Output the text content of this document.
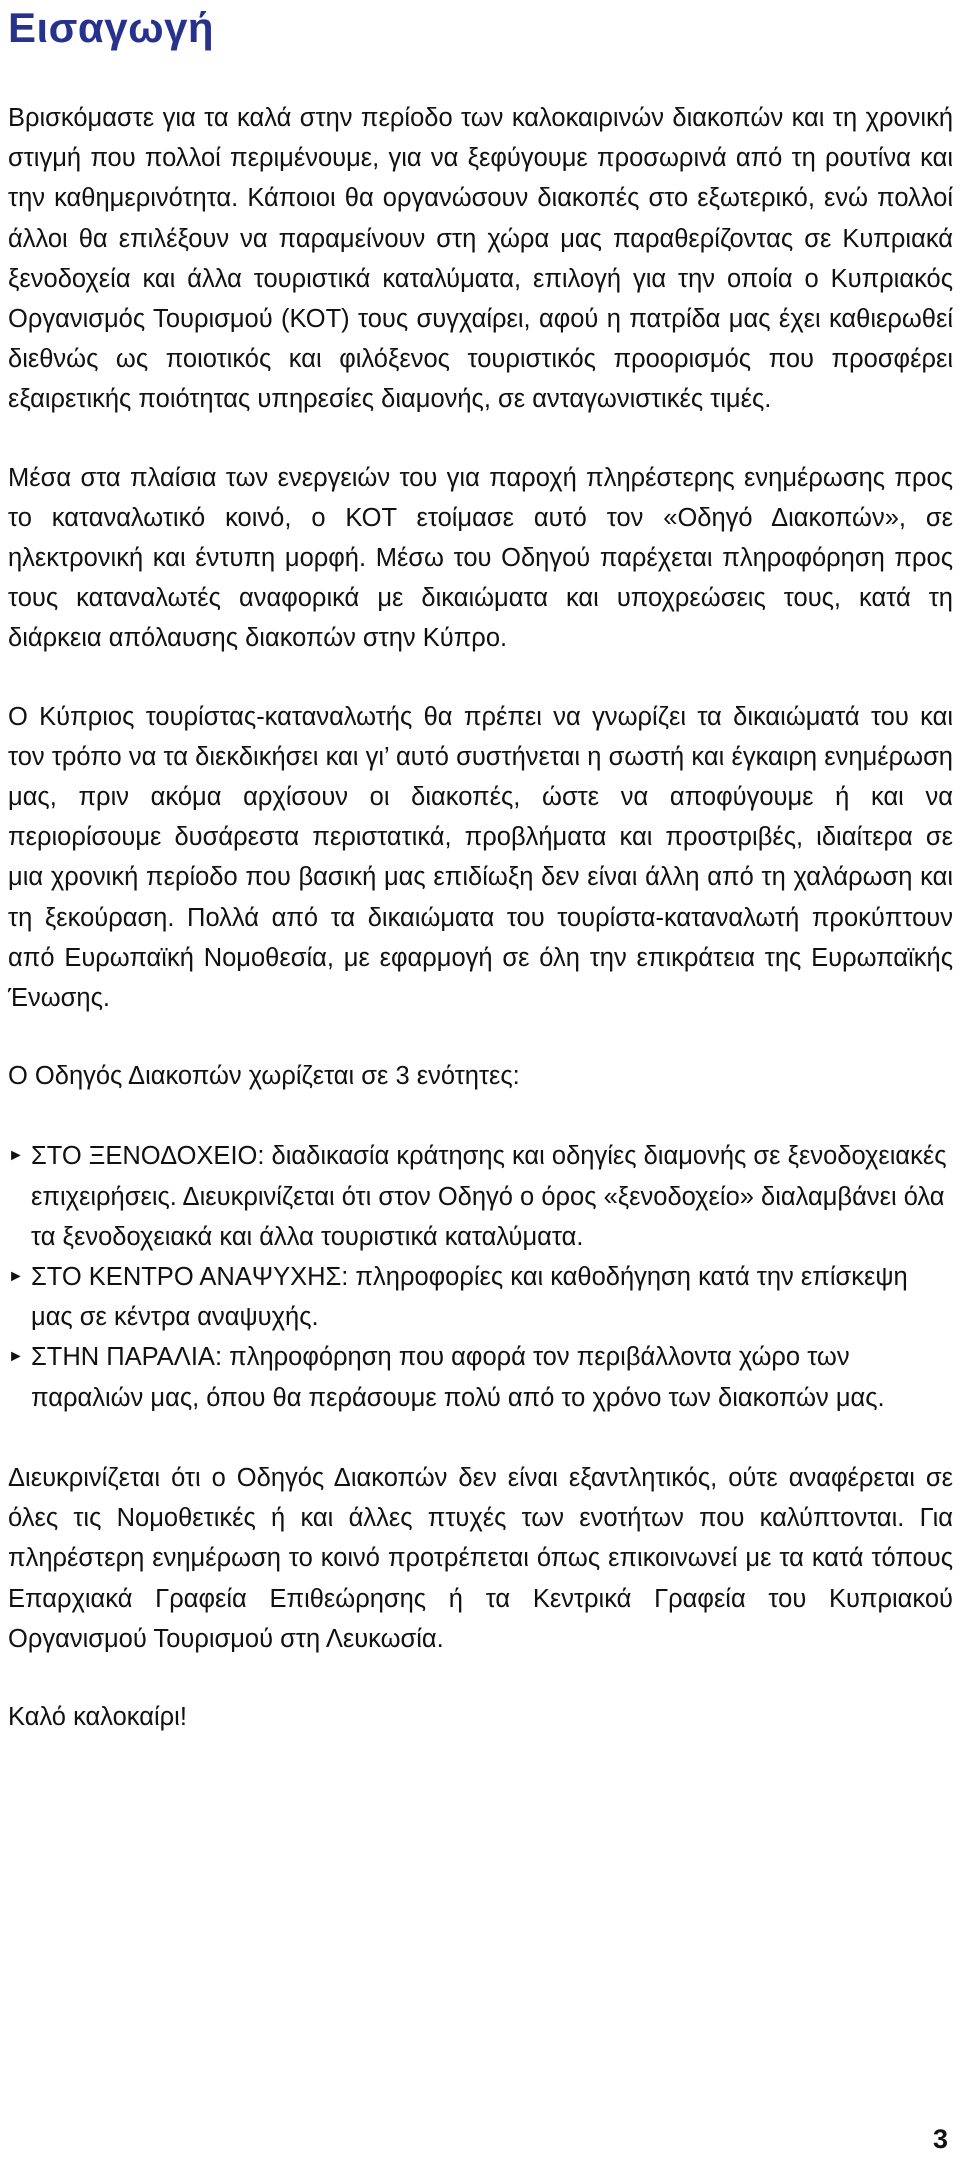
Εισαγωγή

Βρισκόμαστε για τα καλά στην περίοδο των καλοκαιρινών διακοπών και τη χρονική στιγμή που πολλοί περιμένουμε, για να ξεφύγουμε προσωρινά από τη ρουτίνα και την καθημερινότητα. Κάποιοι θα οργανώσουν διακοπές στο εξωτερικό, ενώ πολλοί άλλοι θα επιλέξουν να παραμείνουν στη χώρα μας παραθερίζοντας σε Κυπριακά ξενοδοχεία και άλλα τουριστικά καταλύματα, επιλογή για την οποία ο Κυπριακός Οργανισμός Τουρισμού (ΚΟΤ) τους συγχαίρει, αφού η πατρίδα μας έχει καθιερωθεί διεθνώς ως ποιοτικός και φιλόξενος τουριστικός προορισμός που προσφέρει εξαιρετικής ποιότητας υπηρεσίες διαμονής, σε ανταγωνιστικές τιμές.

Μέσα στα πλαίσια των ενεργειών του για παροχή πληρέστερης ενημέρωσης προς το καταναλωτικό κοινό, ο ΚΟΤ ετοίμασε αυτό τον «Οδηγό Διακοπών», σε ηλεκτρονική και έντυπη μορφή. Μέσω του Οδηγού παρέχεται πληροφόρηση προς τους καταναλωτές αναφορικά με δικαιώματα και υποχρεώσεις τους, κατά τη διάρκεια απόλαυσης διακοπών στην Κύπρο.

Ο Κύπριος τουρίστας-καταναλωτής θα πρέπει να γνωρίζει τα δικαιώματά του και τον τρόπο να τα διεκδικήσει και γι’ αυτό συστήνεται η σωστή και έγκαιρη ενημέρωση μας, πριν ακόμα αρχίσουν οι διακοπές, ώστε να αποφύγουμε ή και να περιορίσουμε δυσάρεστα περιστατικά, προβλήματα και προστριβές, ιδιαίτερα σε μια χρονική περίοδο που βασική μας επιδίωξη δεν είναι άλλη από τη χαλάρωση και τη ξεκούραση. Πολλά από τα δικαιώματα του τουρίστα-καταναλωτή προκύπτουν από Ευρωπαϊκή Νομοθεσία, με εφαρμογή σε όλη την επικράτεια της Ευρωπαϊκής Ένωσης.

Ο Οδηγός Διακοπών χωρίζεται σε 3 ενότητες:

► ΣΤΟ ΞΕΝΟΔΟΧΕΙΟ: διαδικασία κράτησης και οδηγίες διαμονής σε ξενοδοχειακές επιχειρήσεις. Διευκρινίζεται ότι στον Οδηγό ο όρος «ξενοδοχείο» διαλαμβάνει όλα τα ξενοδοχειακά και άλλα τουριστικά καταλύματα.
► ΣΤΟ ΚΕΝΤΡΟ ΑΝΑΨΥΧΗΣ: πληροφορίες και καθοδήγηση κατά την επίσκεψη μας σε κέντρα αναψυχής.
► ΣΤΗΝ ΠΑΡΑΛΙΑ: πληροφόρηση που αφορά τον περιβάλλοντα χώρο των παραλιών μας, όπου θα περάσουμε πολύ από το χρόνο των διακοπών μας.

Διευκρινίζεται ότι ο Οδηγός Διακοπών δεν είναι εξαντλητικός, ούτε αναφέρεται σε όλες τις Νομοθετικές ή και άλλες πτυχές των ενοτήτων που καλύπτονται. Για πληρέστερη ενημέρωση το κοινό προτρέπεται όπως επικοινωνεί με τα κατά τόπους Επαρχιακά Γραφεία Επιθεώρησης ή τα Κεντρικά Γραφεία του Κυπριακού Οργανισμού Τουρισμού στη Λευκωσία.

Καλό καλοκαίρι!

3
